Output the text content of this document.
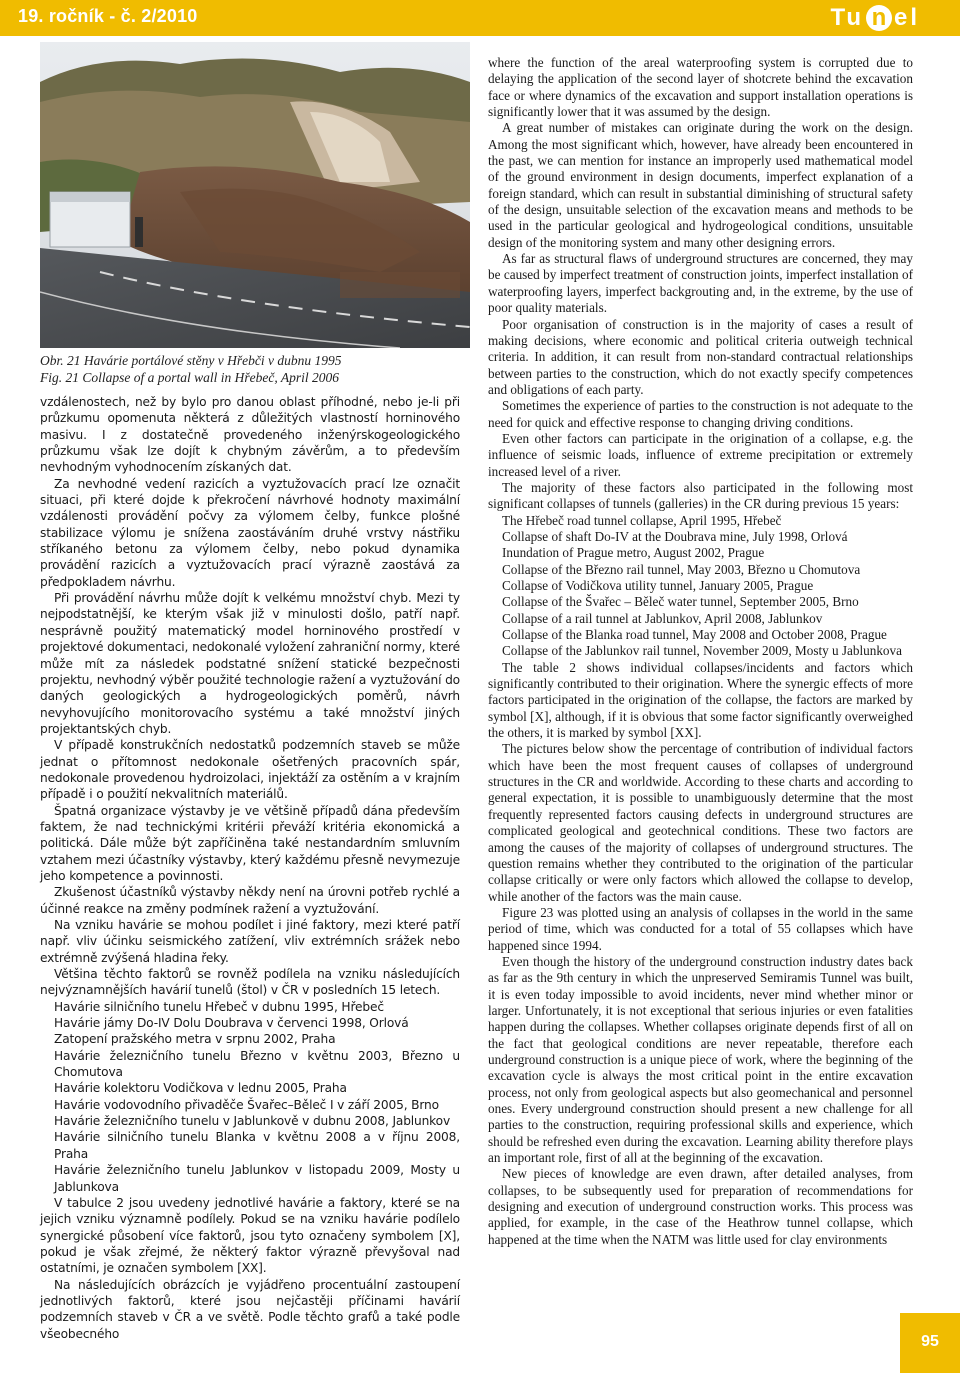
19. ročník - č. 2/2010	Tu n el

Obr. 21 Havárie portálové stěny v Hřebči v dubnu 1995

Fig. 21 Collapse of a portal wall in Hřebeč, April 2006

vzdálenostech, než by bylo pro danou oblast příhodné, nebo je-li při průzkumu opomenuta některá z důležitých vlastností horninového masivu. I z dostatečně provedeného inženýrskogeologického průzkumu však lze dojít k chybným závěrům, a to především nevhodným vyhodnocením získaných dat.

Za nevhodné vedení razicích a vyztužovacích prací lze označit situaci, při které dojde k překročení návrhové hodnoty maximální vzdálenosti provádění počvy za výlomem čelby, funkce plošné stabilizace výlomu je snížena zaostáváním druhé vrstvy nástřiku stříkaného betonu za výlomem čelby, nebo pokud dynamika provádění razicích a vyztužovacích prací výrazně zaostává za předpokladem návrhu.

Při provádění návrhu může dojít k velkému množství chyb. Mezi ty nejpodstatnější, ke kterým však již v minulosti došlo, patří např. nesprávně použitý matematický model horninového prostředí v projektové dokumentaci, nedokonalé vyložení zahraniční normy, které může mít za následek podstatné snížení statické bezpečnosti projektu, nevhodný výběr použité technologie ražení a vyztužování do daných geologických a hydrogeologických poměrů, návrh nevyhovujícího monitorovacího systému a také množství jiných projektantských chyb.

V případě konstrukčních nedostatků podzemních staveb se může jednat o přítomnost nedokonale ošetřených pracovních spár, nedokonale provedenou hydroizolaci, injektáží za ostěním a v krajním případě i o použití nekvalitních materiálů.

Špatná organizace výstavby je ve většině případů dána především faktem, že nad technickými kritérii převáží kritéria ekonomická a politická. Dále může být zapříčiněna také nestandardním smluvním vztahem mezi účastníky výstavby, který každému přesně nevymezuje jeho kompetence a povinnosti.

Zkušenost účastníků výstavby někdy není na úrovni potřeb rychlé a účinné reakce na změny podmínek ražení a vyztužování.

Na vzniku havárie se mohou podílet i jiné faktory, mezi které patří např. vliv účinku seismického zatížení, vliv extrémních srážek nebo extrémně zvýšená hladina řeky.

Většina těchto faktorů se rovněž podílela na vzniku následujících nejvýznamnějších havárií tunelů (štol) v ČR v posledních 15 letech.

Havárie silničního tunelu Hřebeč v dubnu 1995, Hřebeč
Havárie jámy Do-IV Dolu Doubrava v červenci 1998, Orlová
Zatopení pražského metra v srpnu 2002, Praha
Havárie železničního tunelu Březno v květnu 2003, Březno u Chomutova
Havárie kolektoru Vodičkova v lednu 2005, Praha
Havárie vodovodního přivaděče Švařec–Běleč I v září 2005, Brno
Havárie železničního tunelu v Jablunkově v dubnu 2008, Jablunkov
Havárie silničního tunelu Blanka v květnu 2008 a v říjnu 2008, Praha
Havárie železničního tunelu Jablunkov v listopadu 2009, Mosty u Jablunkova

V tabulce 2 jsou uvedeny jednotlivé havárie a faktory, které se na jejich vzniku významně podílely. Pokud se na vzniku havárie podílelo synergické působení více faktorů, jsou tyto označeny symbolem [X], pokud je však zřejmé, že některý faktor výrazně převyšoval nad ostatními, je označen symbolem [XX].

Na následujících obrázcích je vyjádřeno procentuální zastoupení jednotlivých faktorů, které jsou nejčastěji příčinami havárií podzemních staveb v ČR a ve světě. Podle těchto grafů a také podle všeobecného

where the function of the areal waterproofing system is corrupted due to delaying the application of the second layer of shotcrete behind the excavation face or where dynamics of the excavation and support installation operations is significantly lower that it was assumed by the design.

A great number of mistakes can originate during the work on the design. Among the most significant which, however, have already been encountered in the past, we can mention for instance an improperly used mathematical model of the ground environment in design documents, imperfect explanation of a foreign standard, which can result in substantial diminishing of structural safety of the design, unsuitable selection of the excavation means and methods to be used in the particular geological and hydrogeological conditions, unsuitable design of the monitoring system and many other designing errors.

As far as structural flaws of underground structures are concerned, they may be caused by imperfect treatment of construction joints, imperfect installation of waterproofing layers, imperfect backgrouting and, in the extreme, by the use of poor quality materials.

Poor organisation of construction is in the majority of cases a result of making decisions, where economic and political criteria outweigh technical criteria. In addition, it can result from non-standard contractual relationships between parties to the construction, which do not exactly specify competences and obligations of each party.

Sometimes the experience of parties to the construction is not adequate to the need for quick and effective response to changing driving conditions.

Even other factors can participate in the origination of a collapse, e.g. the influence of seismic loads, influence of extreme precipitation or extremely increased level of a river.

The majority of these factors also participated in the following most significant collapses of tunnels (galleries) in the CR during previous 15 years:

The Hřebeč road tunnel collapse, April 1995, Hřebeč
Collapse of shaft Do-IV at the Doubrava mine, July 1998, Orlová
Inundation of Prague metro, August 2002, Prague
Collapse of the Březno rail tunnel, May 2003, Březno u Chomutova
Collapse of Vodičkova utility tunnel, January 2005, Prague
Collapse of the Švařec – Běleč water tunnel, September 2005, Brno
Collapse of a rail tunnel at Jablunkov, April 2008, Jablunkov
Collapse of the Blanka road tunnel, May 2008 and October 2008, Prague
Collapse of the Jablunkov rail tunnel, November 2009, Mosty u Jablunkova

The table 2 shows individual collapses/incidents and factors which significantly contributed to their origination. Where the synergic effects of more factors participated in the origination of the collapse, the factors are marked by symbol [X], although, if it is obvious that some factor significantly overweighed the others, it is marked by symbol [XX].

The pictures below show the percentage of contribution of individual factors which have been the most frequent causes of collapses of underground structures in the CR and worldwide. According to these charts and according to general expectation, it is possible to unambiguously determine that the most frequently represented factors causing defects in underground structures are complicated geological and geotechnical conditions. These two factors are among the causes of the majority of collapses of underground structures. The question remains whether they contributed to the origination of the particular collapse critically or were only factors which allowed the collapse to develop, while another of the factors was the main cause.

Figure 23 was plotted using an analysis of collapses in the world in the same period of time, which was conducted for a total of 55 collapses which have happened since 1994.

Even though the history of the underground construction industry dates back as far as the 9th century in which the unpreserved Semiramis Tunnel was built, it is even today impossible to avoid incidents, never mind whether minor or larger. Unfortunately, it is not exceptional that serious injuries or even fatalities happen during the collapses. Whether collapses originate depends first of all on the fact that geological conditions are never repeatable, therefore each underground construction is a unique piece of work, where the beginning of the excavation cycle is always the most critical point in the entire excavation process, not only from geological aspects but also geomechanical and personnel ones. Every underground construction should present a new challenge for all parties to the construction, requiring professional skills and experience, which should be refreshed even during the excavation. Learning ability therefore plays an important role, first of all at the beginning of the excavation.

New pieces of knowledge are even drawn, after detailed analyses, from collapses, to be subsequently used for preparation of recommendations for designing and execution of underground construction works. This process was applied, for example, in the case of the Heathrow tunnel collapse, which happened at the time when the NATM was little used for clay environments

95
